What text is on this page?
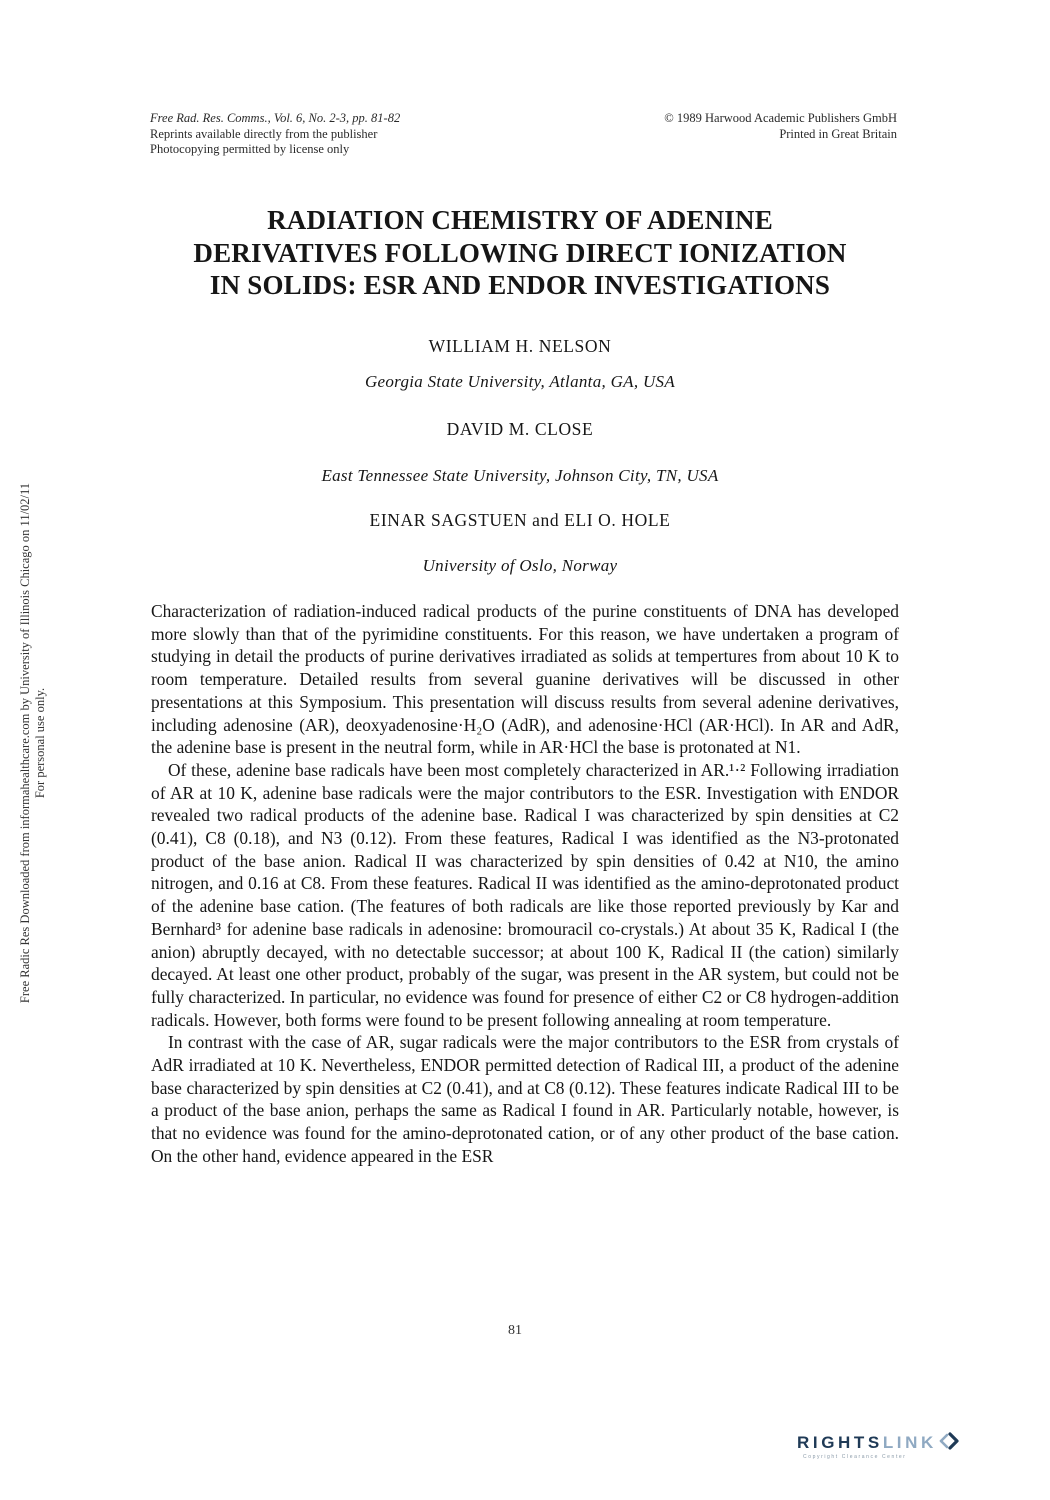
Free Rad. Res. Comms., Vol. 6, No. 2-3, pp. 81-82
Reprints available directly from the publisher
Photocopying permitted by license only
© 1989 Harwood Academic Publishers GmbH
Printed in Great Britain
RADIATION CHEMISTRY OF ADENINE
DERIVATIVES FOLLOWING DIRECT IONIZATION
IN SOLIDS: ESR AND ENDOR INVESTIGATIONS
WILLIAM H. NELSON
Georgia State University, Atlanta, GA, USA
DAVID M. CLOSE
East Tennessee State University, Johnson City, TN, USA
EINAR SAGSTUEN and ELI O. HOLE
University of Oslo, Norway

Characterization of radiation-induced radical products of the purine constituents of DNA has developed more slowly than that of the pyrimidine constituents. For this reason, we have undertaken a program of studying in detail the products of purine derivatives irradiated as solids at tempertures from about 10 K to room temperature. Detailed results from several guanine derivatives will be discussed in other presentations at this Symposium. This presentation will discuss results from several adenine derivatives, including adenosine (AR), deoxyadenosine·H₂O (AdR), and adenosine·HCl (AR·HCl). In AR and AdR, the adenine base is present in the neutral form, while in AR·HCl the base is protonated at N1.

Of these, adenine base radicals have been most completely characterized in AR.¹·² Following irradiation of AR at 10 K, adenine base radicals were the major contributors to the ESR. Investigation with ENDOR revealed two radical products of the adenine base. Radical I was characterized by spin densities at C2 (0.41), C8 (0.18), and N3 (0.12). From these features, Radical I was identified as the N3-protonated product of the base anion. Radical II was characterized by spin densities of 0.42 at N10, the amino nitrogen, and 0.16 at C8. From these features. Radical II was identified as the amino-deprotonated product of the adenine base cation. (The features of both radicals are like those reported previously by Kar and Bernhard³ for adenine base radicals in adenosine: bromouracil co-crystals.) At about 35 K, Radical I (the anion) abruptly decayed, with no detectable successor; at about 100 K, Radical II (the cation) similarly decayed. At least one other product, probably of the sugar, was present in the AR system, but could not be fully characterized. In particular, no evidence was found for presence of either C2 or C8 hydrogen-addition radicals. However, both forms were found to be present following annealing at room temperature.

In contrast with the case of AR, sugar radicals were the major contributors to the ESR from crystals of AdR irradiated at 10 K. Nevertheless, ENDOR permitted detection of Radical III, a product of the adenine base characterized by spin densities at C2 (0.41), and at C8 (0.12). These features indicate Radical III to be a product of the base anion, perhaps the same as Radical I found in AR. Particularly notable, however, is that no evidence was found for the amino-deprotonated cation, or of any other product of the base cation. On the other hand, evidence appeared in the ESR

81
Free Radic Res Downloaded from informahealthcare.com by University of Illinois Chicago on 11/02/11 For personal use only.
RIGHTSLINK
Copyright Clearance Center
